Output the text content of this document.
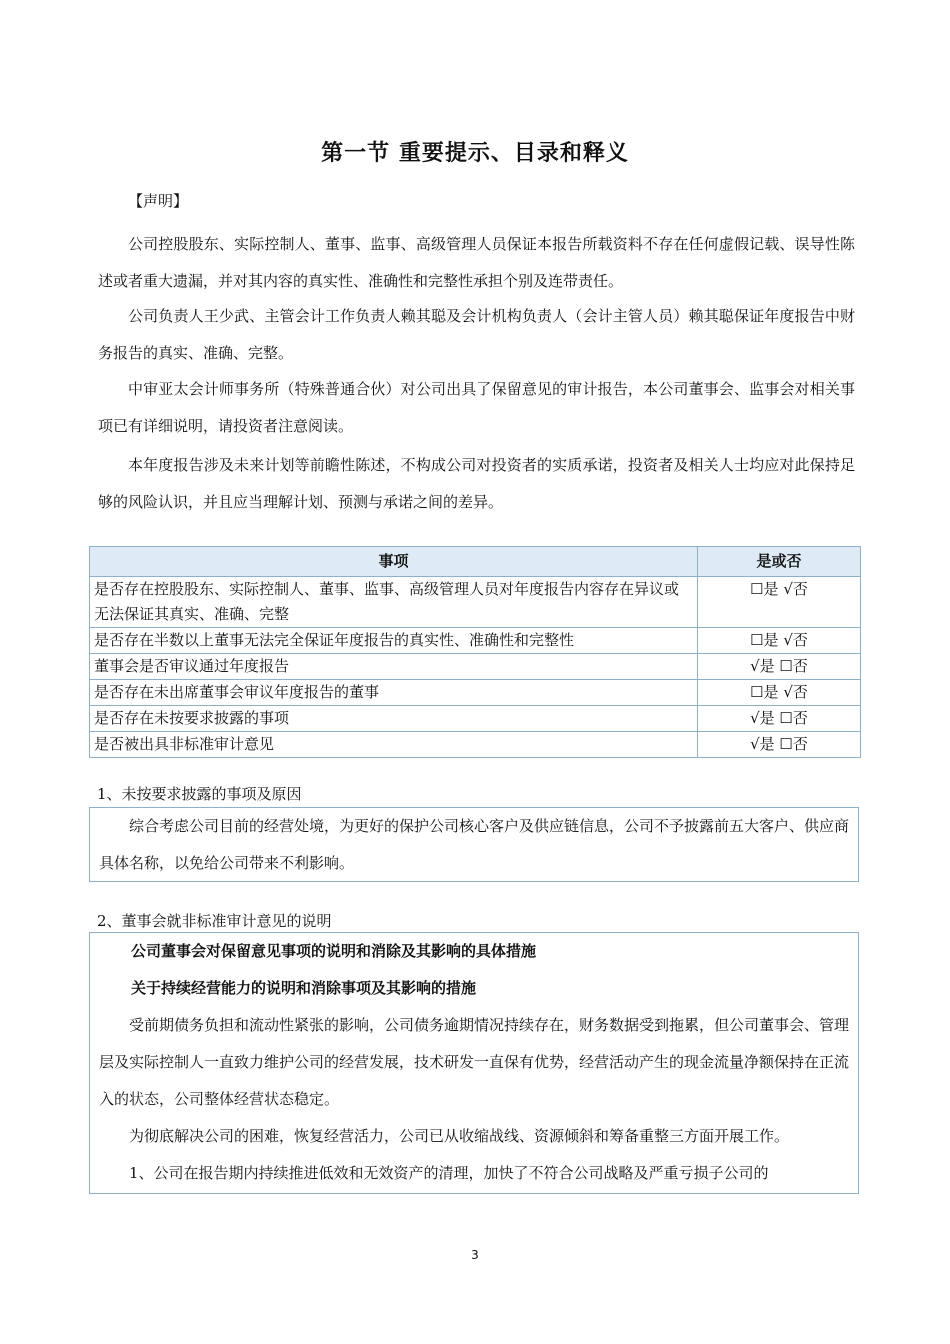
第一节 重要提示、目录和释义
【声明】

公司控股股东、实际控制人、董事、监事、高级管理人员保证本报告所载资料不存在任何虚假记载、误导性陈述或者重大遗漏，并对其内容的真实性、准确性和完整性承担个别及连带责任。

公司负责人王少武、主管会计工作负责人赖其聪及会计机构负责人（会计主管人员）赖其聪保证年度报告中财务报告的真实、准确、完整。

中审亚太会计师事务所（特殊普通合伙）对公司出具了保留意见的审计报告，本公司董事会、监事会对相关事项已有详细说明，请投资者注意阅读。

本年度报告涉及未来计划等前瞻性陈述，不构成公司对投资者的实质承诺，投资者及相关人士均应对此保持足够的风险认识，并且应当理解计划、预测与承诺之间的差异。

事项	是或否
是否存在控股股东、实际控制人、董事、监事、高级管理人员对年度报告内容存在异议或无法保证其真实、准确、完整	☐是 √否
是否存在半数以上董事无法完全保证年度报告的真实性、准确性和完整性	☐是 √否
董事会是否审议通过年度报告	√是 ☐否
是否存在未出席董事会审议年度报告的董事	☐是 √否
是否存在未按要求披露的事项	√是 ☐否
是否被出具非标准审计意见	√是 ☐否
1、未按要求披露的事项及原因

综合考虑公司目前的经营处境，为更好的保护公司核心客户及供应链信息，公司不予披露前五大客户、供应商具体名称，以免给公司带来不利影响。

2、董事会就非标准审计意见的说明

公司董事会对保留意见事项的说明和消除及其影响的具体措施

关于持续经营能力的说明和消除事项及其影响的措施

受前期债务负担和流动性紧张的影响，公司债务逾期情况持续存在，财务数据受到拖累，但公司董事会、管理层及实际控制人一直致力维护公司的经营发展，技术研发一直保有优势，经营活动产生的现金流量净额保持在正流入的状态，公司整体经营状态稳定。

为彻底解决公司的困难，恢复经营活力，公司已从收缩战线、资源倾斜和筹备重整三方面开展工作。

1、公司在报告期内持续推进低效和无效资产的清理，加快了不符合公司战略及严重亏损子公司的

3
